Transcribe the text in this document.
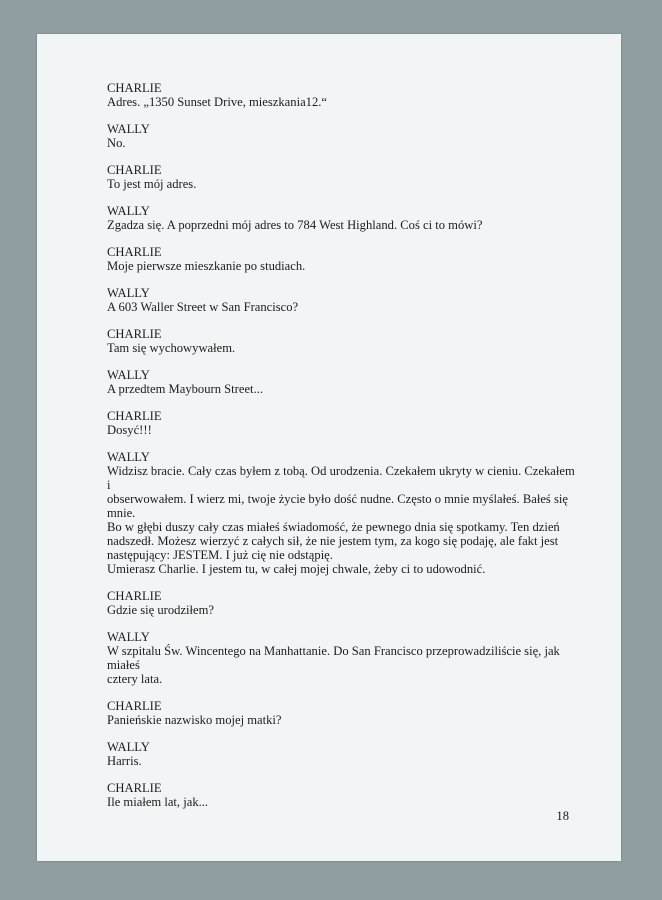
CHARLIE
Adres. „1350 Sunset Drive, mieszkania12.“
WALLY
No.
CHARLIE
To jest mój adres.
WALLY
Zgadza się. A poprzedni mój adres to 784 West Highland. Coś ci to mówi?
CHARLIE
Moje pierwsze mieszkanie po studiach.
WALLY
A 603 Waller Street w San Francisco?
CHARLIE
Tam się wychowywałem.
WALLY
A przedtem Maybourn Street...
CHARLIE
Dosyć!!!
WALLY
Widzisz bracie. Cały czas byłem z tobą. Od urodzenia. Czekałem ukryty w cieniu. Czekałem i
obserwowałem. I wierz mi, twoje życie było dość nudne. Często o mnie myślałeś. Bałeś się mnie.
Bo w głębi duszy cały czas miałeś świadomość, że pewnego dnia się spotkamy. Ten dzień
nadszedł. Możesz wierzyć z całych sił, że nie jestem tym, za kogo się podaję, ale fakt jest
następujący: JESTEM. I już cię nie odstąpię.
Umierasz Charlie. I jestem tu, w całej mojej chwale, żeby ci to udowodnić.
CHARLIE
Gdzie się urodziłem?
WALLY
W szpitalu Św. Wincentego na Manhattanie. Do San Francisco przeprowadziliście się, jak miałeś
cztery lata.
CHARLIE
Panieńskie nazwisko mojej matki?
WALLY
Harris.
CHARLIE
Ile miałem lat, jak...
18
